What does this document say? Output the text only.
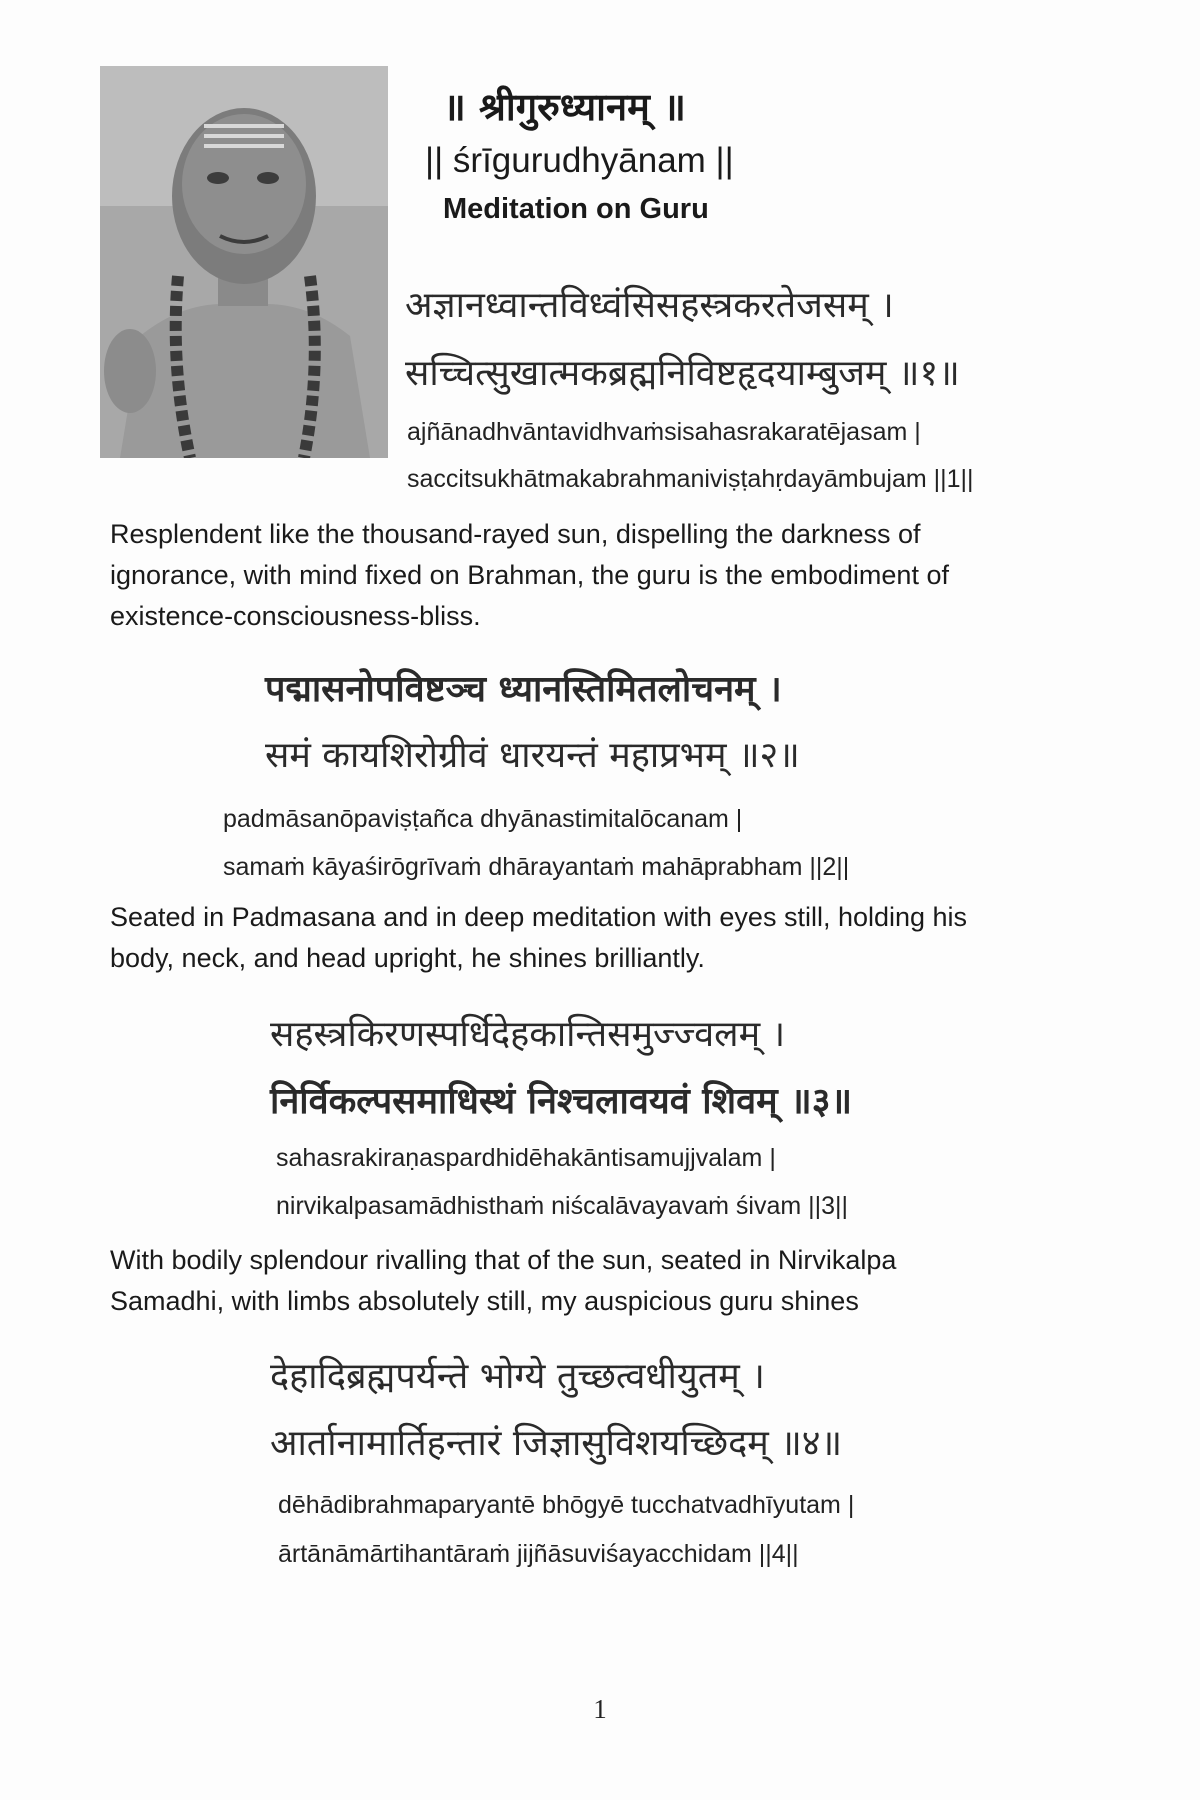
॥ श्रीगुरुध्यानम् ॥
|| śrīgurudhyānam ||
Meditation on Guru
अज्ञानध्वान्तविध्वंसिसहस्त्रकरतेजसम् ।
सच्चित्सुखात्मकब्रह्मनिविष्टहृदयाम्बुजम् ॥१॥
ajñānadhvāntavidhvaṁsisahasrakaratējasam |
saccitsukhātmakabrahmaniviṣṭahṛdayāmbujam ||1||
Resplendent like the thousand-rayed sun, dispelling the darkness of
ignorance, with mind fixed on Brahman, the guru is the embodiment of
existence-consciousness-bliss.
पद्मासनोपविष्टञ्च ध्यानस्तिमितलोचनम् ।
समं कायशिरोग्रीवं धारयन्तं महाप्रभम् ॥२॥
padmāsanōpaviṣṭañca dhyānastimitalōcanam |
samaṁ kāyaśirōgrīvaṁ dhārayantaṁ mahāprabham ||2||
Seated in Padmasana and in deep meditation with eyes still, holding his
body, neck, and head upright, he shines brilliantly.
सहस्त्रकिरणस्पर्धिदेहकान्तिसमुज्ज्वलम् ।
निर्विकल्पसमाधिस्थं निश्चलावयवं शिवम् ॥३॥
sahasrakiraṇaspardhidēhakāntisamujjvalam |
nirvikalpasamādhisthaṁ niścalāvayavaṁ śivam ||3||
With bodily splendour rivalling that of the sun, seated in Nirvikalpa
Samadhi, with limbs absolutely still, my auspicious guru shines
देहादिब्रह्मपर्यन्ते भोग्ये तुच्छत्वधीयुतम् ।
आर्तानामार्तिहन्तारं जिज्ञासुविशयच्छिदम् ॥४॥
dēhādibrahmaparyantē bhōgyē tucchatvadhīyutam |
ārtānāmārtihantāraṁ jijñāsuviśayacchidam ||4||
1
